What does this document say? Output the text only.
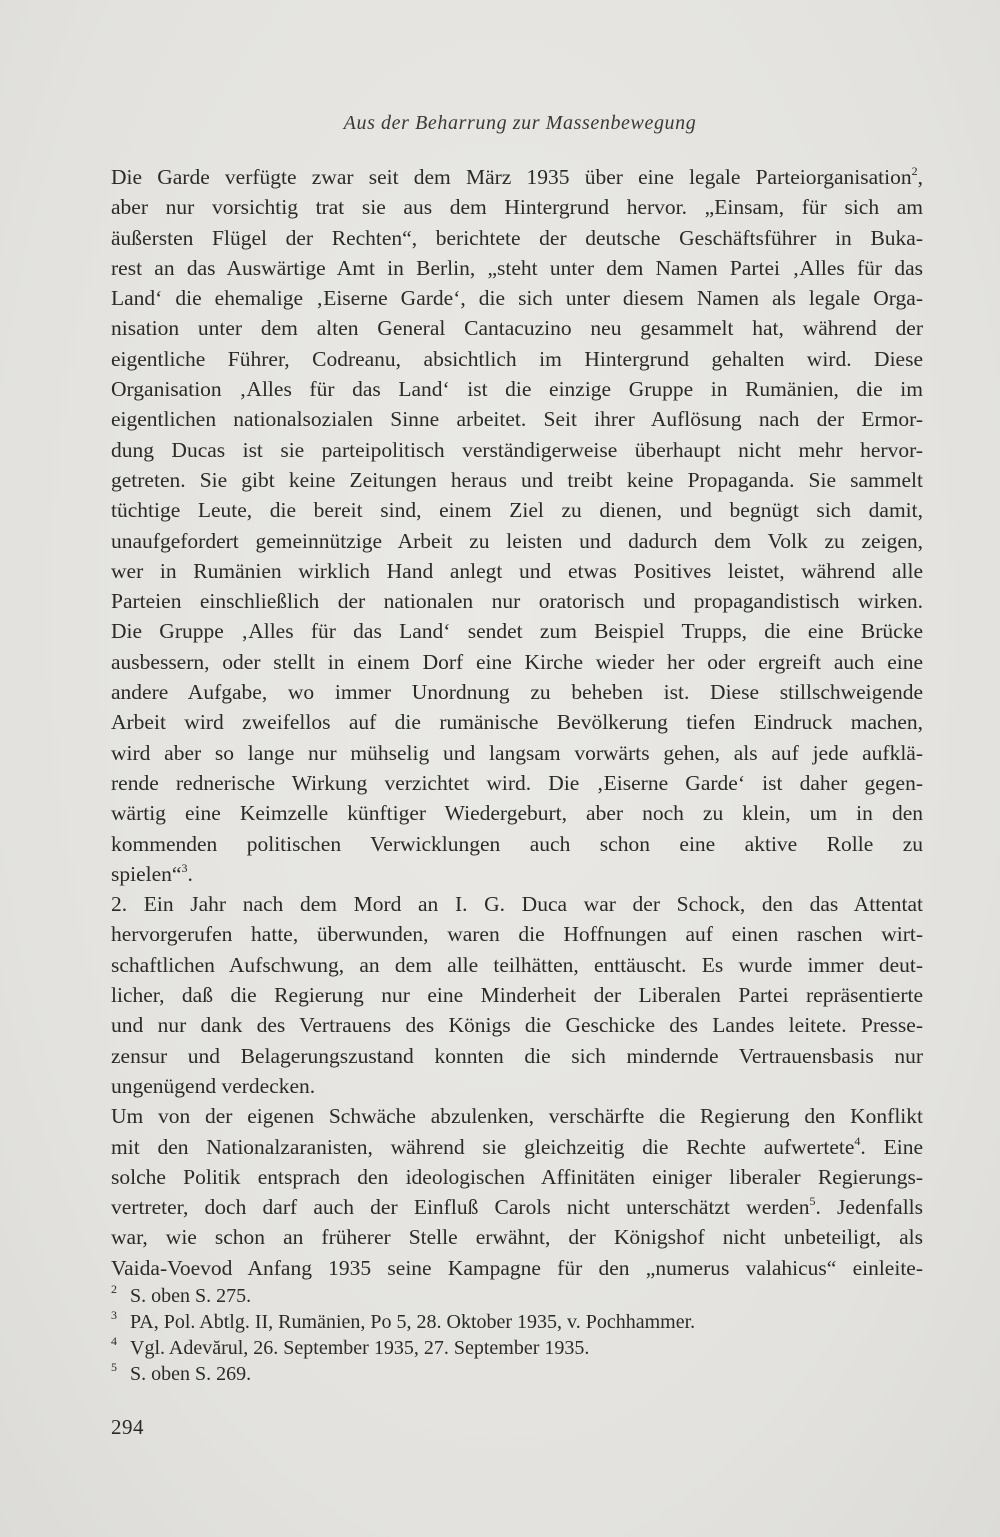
Aus der Beharrung zur Massenbewegung
Die Garde verfügte zwar seit dem März 1935 über eine legale Parteiorganisation$^2$,
aber nur vorsichtig trat sie aus dem Hintergrund hervor. „Einsam, für sich am
äußersten Flügel der Rechten“, berichtete der deutsche Geschäftsführer in Buka-
rest an das Auswärtige Amt in Berlin, „steht unter dem Namen Partei ‚Alles für das
Land‘ die ehemalige ‚Eiserne Garde‘, die sich unter diesem Namen als legale Orga-
nisation unter dem alten General Cantacuzino neu gesammelt hat, während der
eigentliche Führer, Codreanu, absichtlich im Hintergrund gehalten wird. Diese
Organisation ‚Alles für das Land‘ ist die einzige Gruppe in Rumänien, die im
eigentlichen nationalsozialen Sinne arbeitet. Seit ihrer Auflösung nach der Ermor-
dung Ducas ist sie parteipolitisch verständigerweise überhaupt nicht mehr hervor-
getreten. Sie gibt keine Zeitungen heraus und treibt keine Propaganda. Sie sammelt
tüchtige Leute, die bereit sind, einem Ziel zu dienen, und begnügt sich damit,
unaufgefordert gemeinnützige Arbeit zu leisten und dadurch dem Volk zu zeigen,
wer in Rumänien wirklich Hand anlegt und etwas Positives leistet, während alle
Parteien einschließlich der nationalen nur oratorisch und propagandistisch wirken.
Die Gruppe ‚Alles für das Land‘ sendet zum Beispiel Trupps, die eine Brücke
ausbessern, oder stellt in einem Dorf eine Kirche wieder her oder ergreift auch eine
andere Aufgabe, wo immer Unordnung zu beheben ist. Diese stillschweigende
Arbeit wird zweifellos auf die rumänische Bevölkerung tiefen Eindruck machen,
wird aber so lange nur mühselig und langsam vorwärts gehen, als auf jede aufklä-
rende rednerische Wirkung verzichtet wird. Die ‚Eiserne Garde‘ ist daher gegen-
wärtig eine Keimzelle künftiger Wiedergeburt, aber noch zu klein, um in den
kommenden politischen Verwicklungen auch schon eine aktive Rolle zu
spielen“$^3$.
2. Ein Jahr nach dem Mord an I. G. Duca war der Schock, den das Attentat
hervorgerufen hatte, überwunden, waren die Hoffnungen auf einen raschen wirt-
schaftlichen Aufschwung, an dem alle teilhätten, enttäuscht. Es wurde immer deut-
licher, daß die Regierung nur eine Minderheit der Liberalen Partei repräsentierte
und nur dank des Vertrauens des Königs die Geschicke des Landes leitete. Presse-
zensur und Belagerungszustand konnten die sich mindernde Vertrauensbasis nur
ungenügend verdecken.
Um von der eigenen Schwäche abzulenken, verschärfte die Regierung den Konflikt
mit den Nationalzaranisten, während sie gleichzeitig die Rechte aufwertete$^4$. Eine
solche Politik entsprach den ideologischen Affinitäten einiger liberaler Regierungs-
vertreter, doch darf auch der Einfluß Carols nicht unterschätzt werden$^5$. Jedenfalls
war, wie schon an früherer Stelle erwähnt, der Königshof nicht unbeteiligt, als
Vaida-Voevod Anfang 1935 seine Kampagne für den „numerus valahicus“ einleite-
2 S. oben S. 275.
3 PA, Pol. Abtlg. II, Rumänien, Po 5, 28. Oktober 1935, v. Pochhammer.
4 Vgl. Adevărul, 26. September 1935, 27. September 1935.
5 S. oben S. 269.
294
